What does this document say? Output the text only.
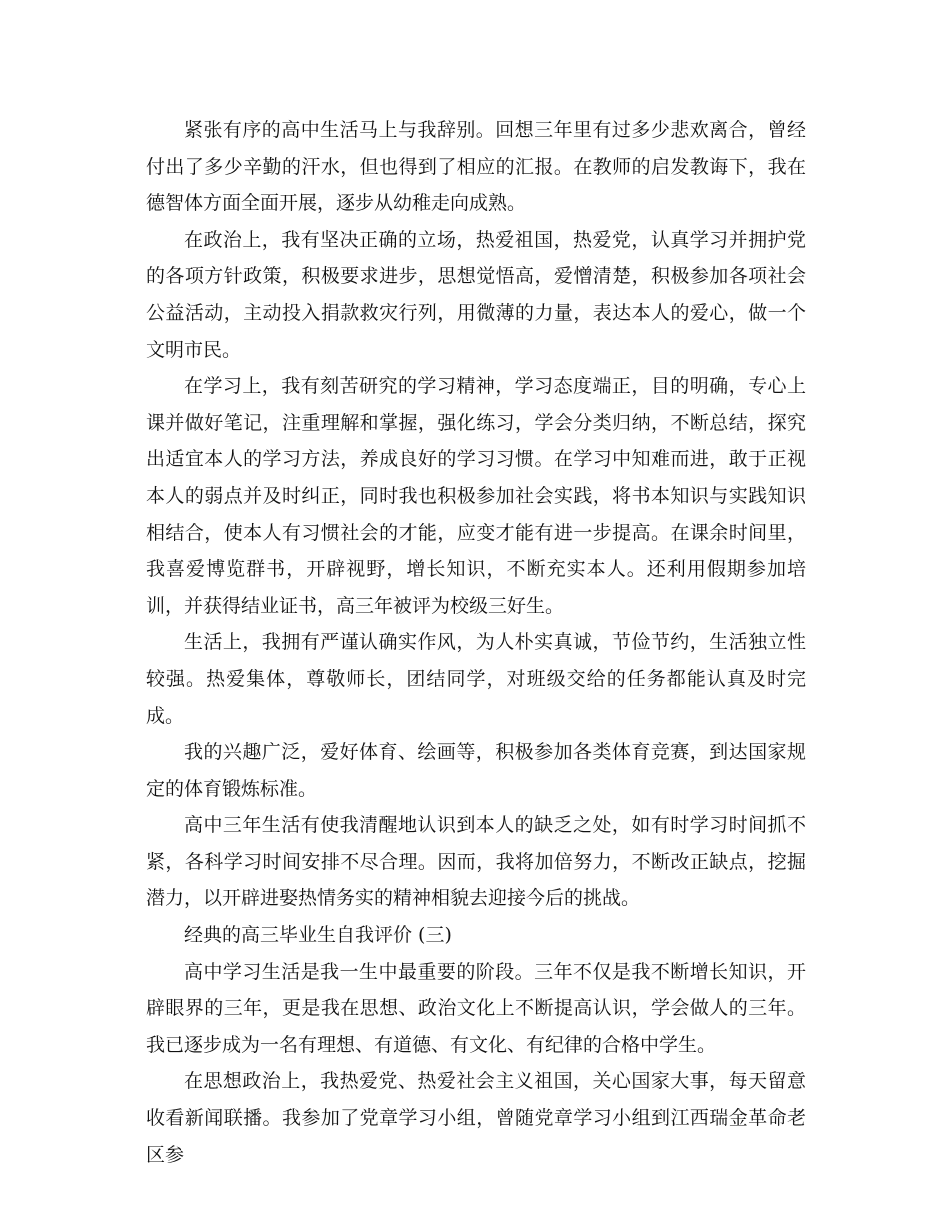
紧张有序的高中生活马上与我辞别。回想三年里有过多少悲欢离合，曾经付出了多少辛勤的汗水，但也得到了相应的汇报。在教师的启发教诲下，我在德智体方面全面开展，逐步从幼稚走向成熟。

在政治上，我有坚决正确的立场，热爱祖国，热爱党，认真学习并拥护党的各项方针政策，积极要求进步，思想觉悟高，爱憎清楚，积极参加各项社会公益活动，主动投入捐款救灾行列，用微薄的力量，表达本人的爱心，做一个文明市民。

在学习上，我有刻苦研究的学习精神，学习态度端正，目的明确，专心上课并做好笔记，注重理解和掌握，强化练习，学会分类归纳，不断总结，探究出适宜本人的学习方法，养成良好的学习习惯。在学习中知难而进，敢于正视本人的弱点并及时纠正，同时我也积极参加社会实践，将书本知识与实践知识相结合，使本人有习惯社会的才能，应变才能有进一步提高。在课余时间里，我喜爱博览群书，开辟视野，增长知识，不断充实本人。还利用假期参加培训，并获得结业证书，高三年被评为校级三好生。

生活上，我拥有严谨认确实作风，为人朴实真诚，节俭节约，生活独立性较强。热爱集体，尊敬师长，团结同学，对班级交给的任务都能认真及时完成。

我的兴趣广泛，爱好体育、绘画等，积极参加各类体育竞赛，到达国家规定的体育锻炼标准。

高中三年生活有使我清醒地认识到本人的缺乏之处，如有时学习时间抓不紧，各科学习时间安排不尽合理。因而，我将加倍努力，不断改正缺点，挖掘潜力，以开辟进娶热情务实的精神相貌去迎接今后的挑战。

经典的高三毕业生自我评价 (三)

高中学习生活是我一生中最重要的阶段。三年不仅是我不断增长知识，开辟眼界的三年，更是我在思想、政治文化上不断提高认识，学会做人的三年。我已逐步成为一名有理想、有道德、有文化、有纪律的合格中学生。

在思想政治上，我热爱党、热爱社会主义祖国，关心国家大事，每天留意收看新闻联播。我参加了党章学习小组，曾随党章学习小组到江西瑞金革命老区参
